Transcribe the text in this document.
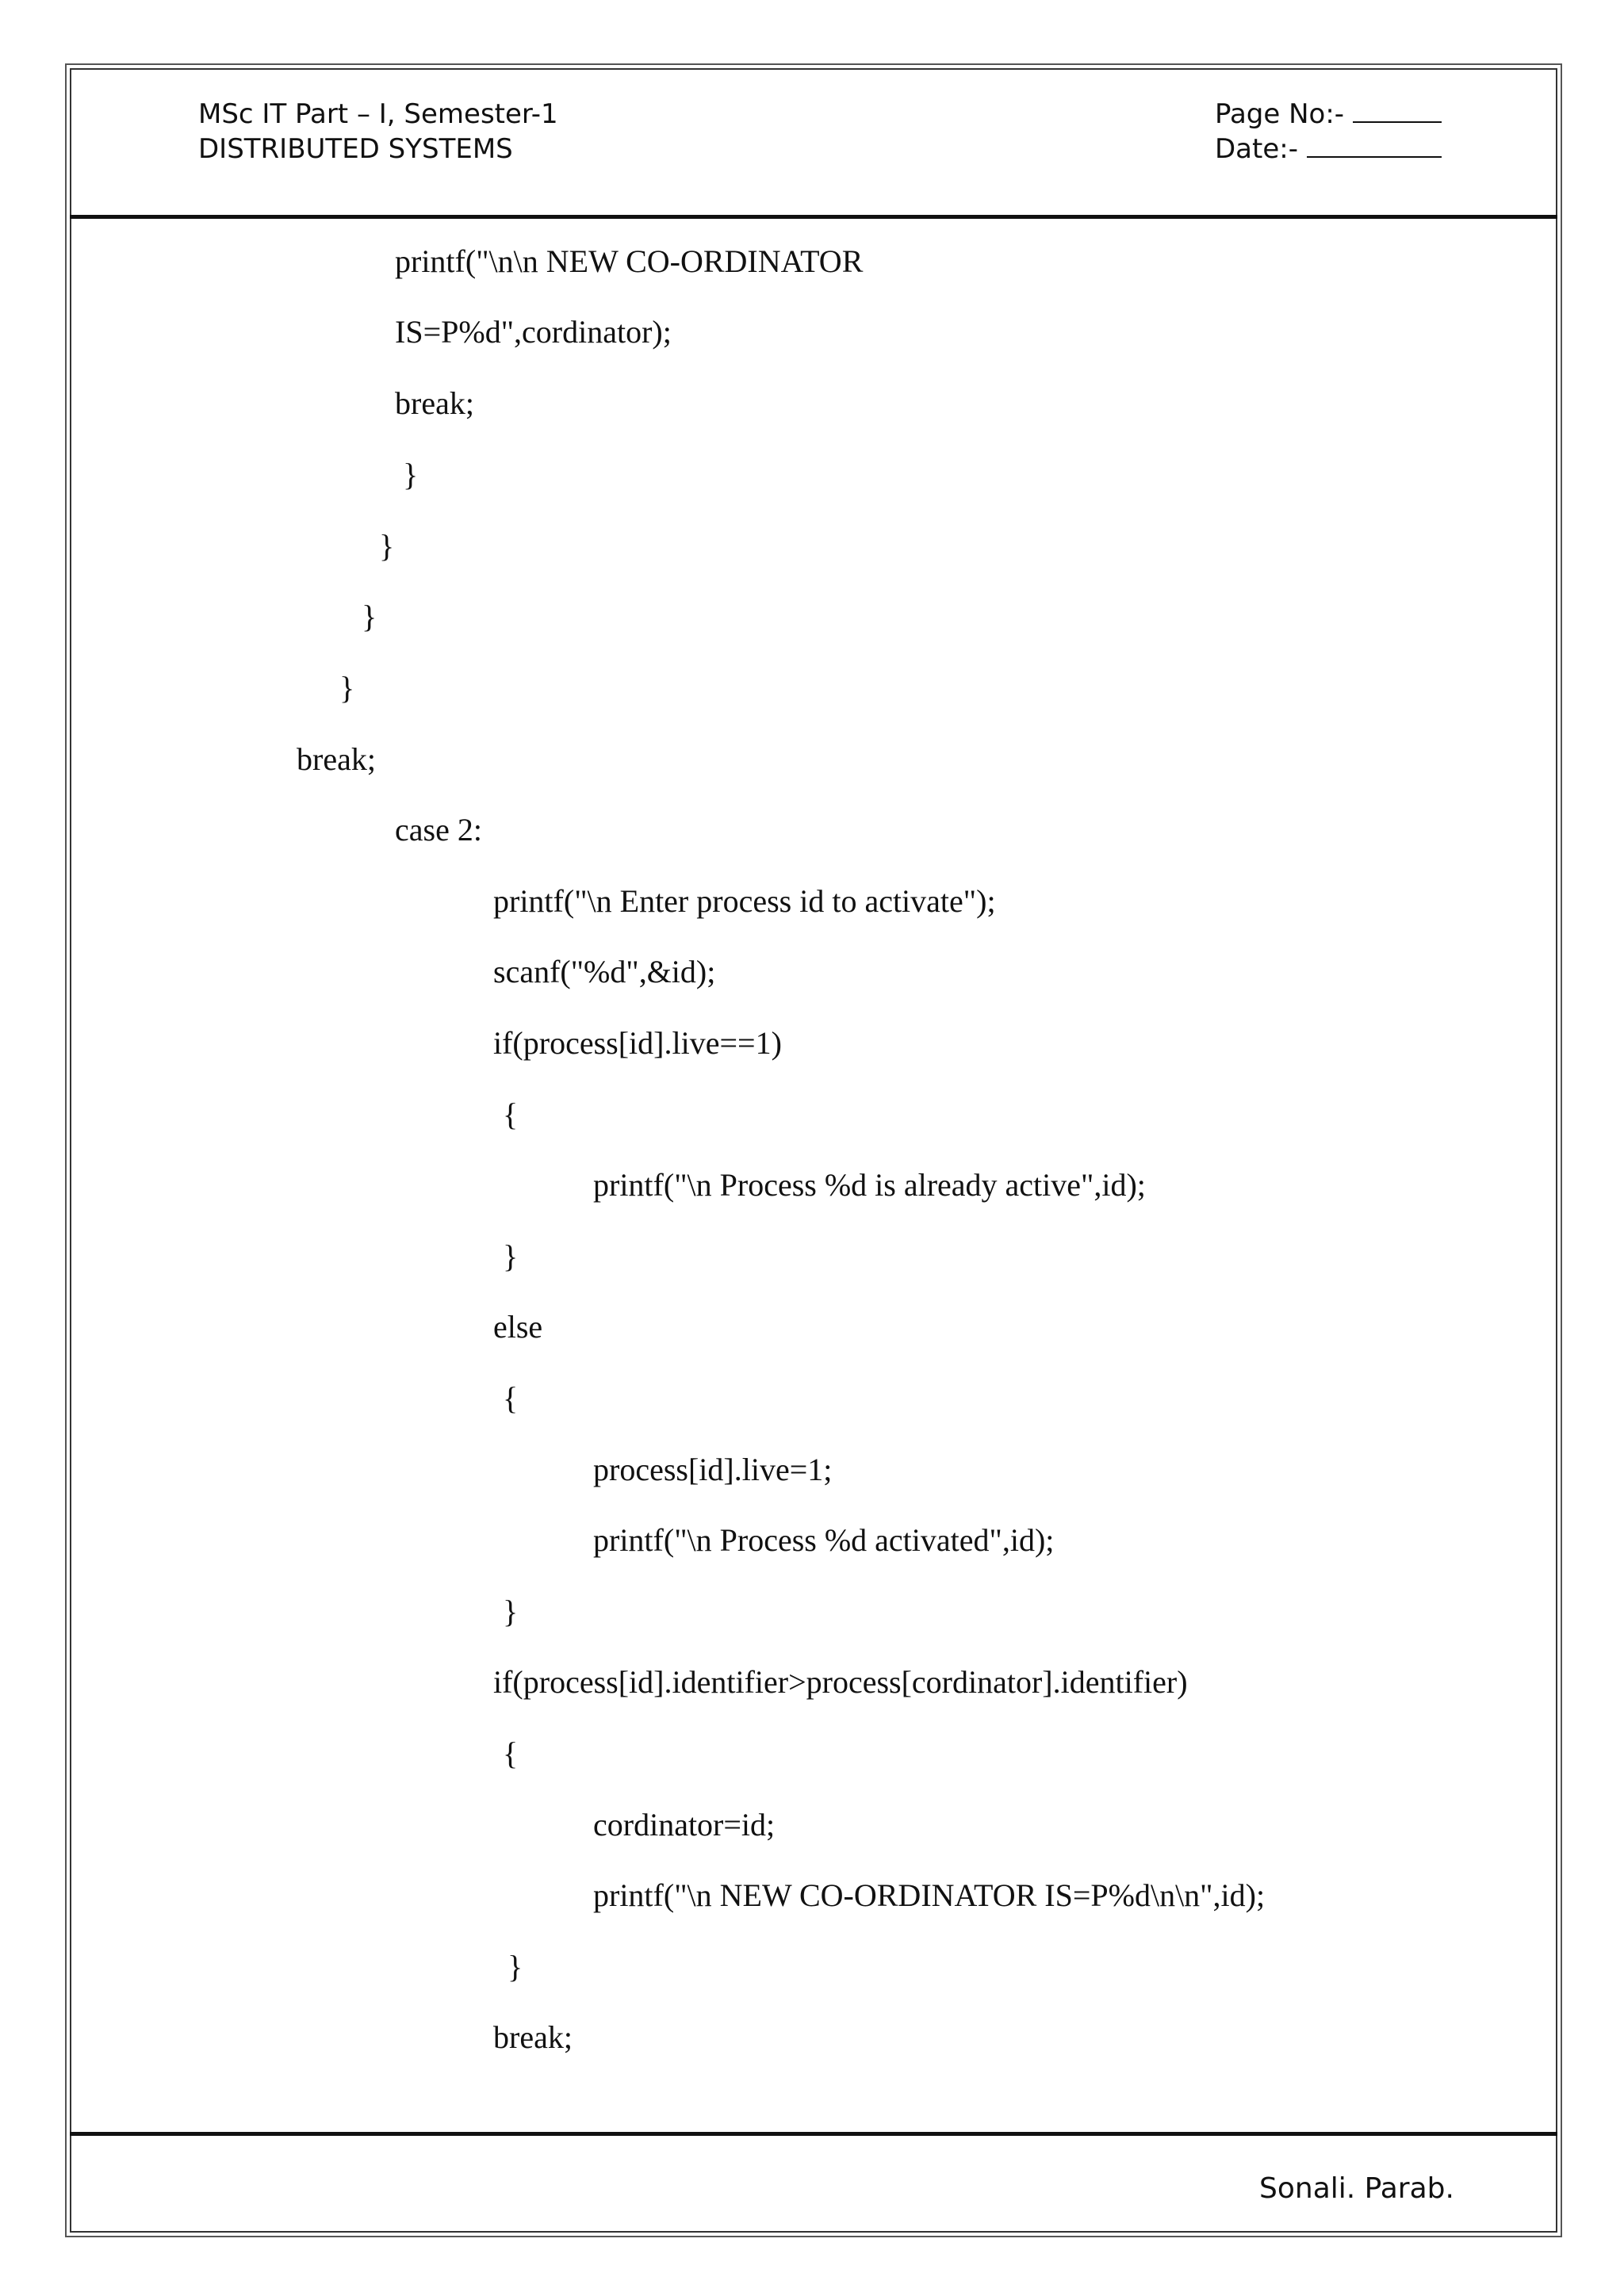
MSc IT Part – I, Semester-1
DISTRIBUTED SYSTEMS
Page No:-
Date:-
printf("\n\n NEW CO-ORDINATOR
IS=P%d",cordinator);
break;
}
}
}
}
break;
case 2:
printf("\n Enter process id to activate");
scanf("%d",&id);
if(process[id].live==1)
{
printf("\n Process %d is already active",id);
}
else
{
process[id].live=1;
printf("\n Process %d activated",id);
}
if(process[id].identifier>process[cordinator].identifier)
{
cordinator=id;
printf("\n NEW CO-ORDINATOR IS=P%d\n\n",id);
}
break;
Sonali. Parab.
